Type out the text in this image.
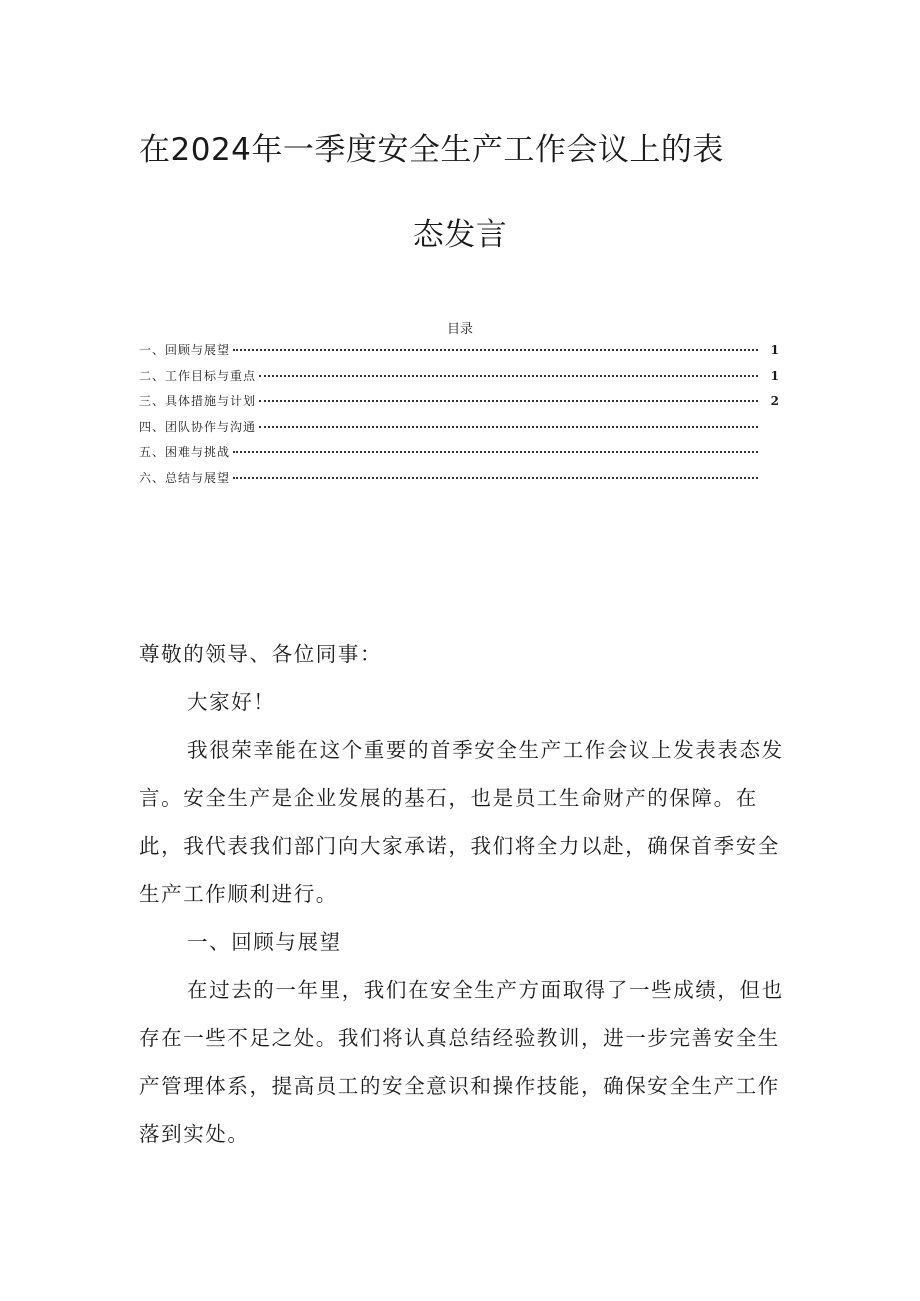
在2024年一季度安全生产工作会议上的表
态发言
目录
一、回顾与展望	1
二、工作目标与重点	1
三、具体措施与计划	2
四、团队协作与沟通
五、困难与挑战
六、总结与展望

尊敬的领导、各位同事：

大家好！

我很荣幸能在这个重要的首季安全生产工作会议上发表表态发言。安全生产是企业发展的基石，也是员工生命财产的保障。在此，我代表我们部门向大家承诺，我们将全力以赴，确保首季安全生产工作顺利进行。

一、回顾与展望

在过去的一年里，我们在安全生产方面取得了一些成绩，但也存在一些不足之处。我们将认真总结经验教训，进一步完善安全生产管理体系，提高员工的安全意识和操作技能，确保安全生产工作落到实处。
